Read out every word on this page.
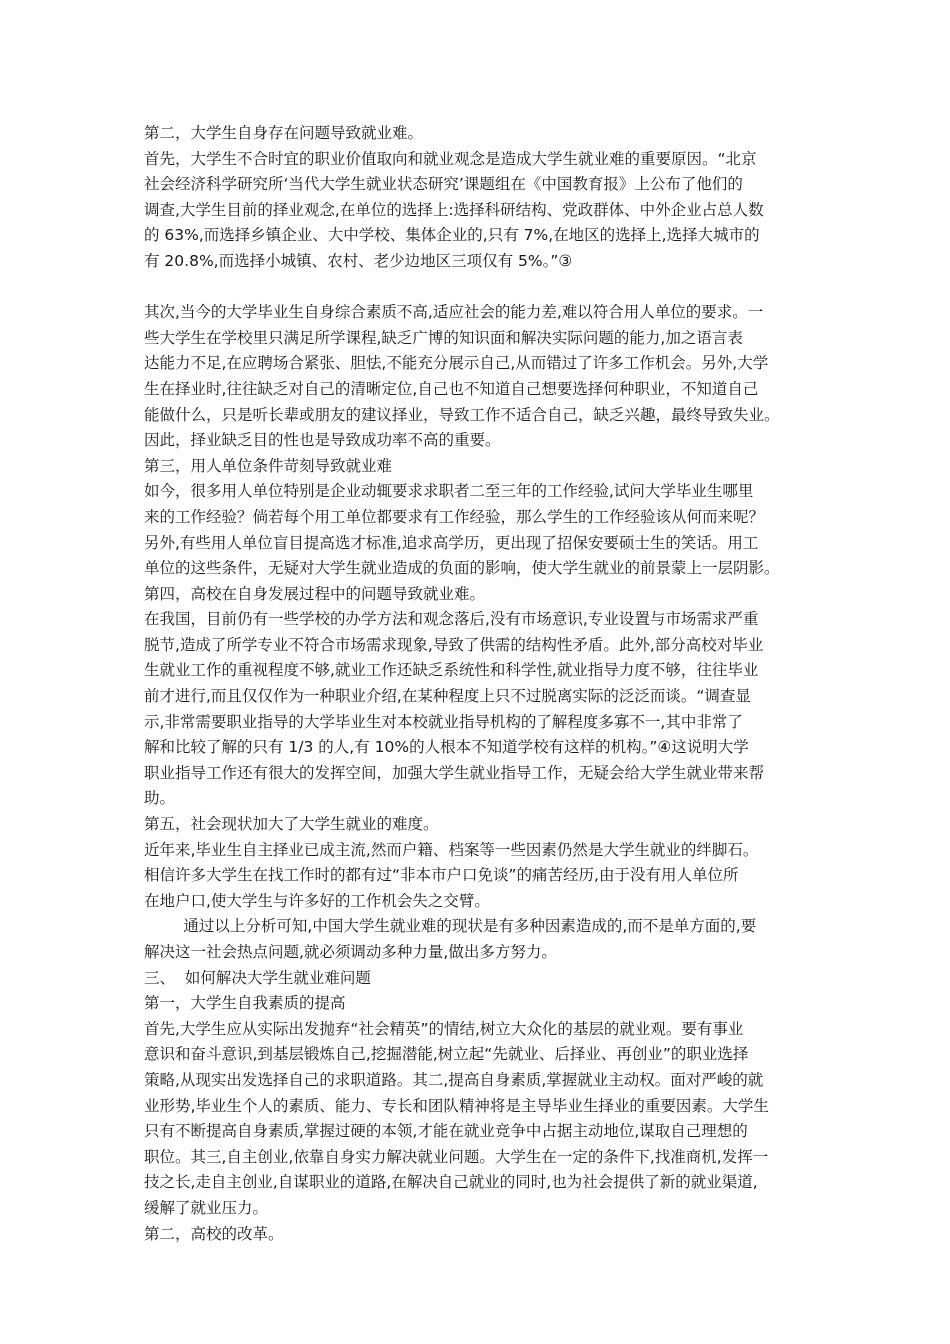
第二，大学生自身存在问题导致就业难。
首先，大学生不合时宜的职业价值取向和就业观念是造成大学生就业难的重要原因。“北京
社会经济科学研究所‘当代大学生就业状态研究’课题组在《中国教育报》上公布了他们的
调查,大学生目前的择业观念,在单位的选择上:选择科研结构、党政群体、中外企业占总人数
的 63%,而选择乡镇企业、大中学校、集体企业的,只有 7%,在地区的选择上,选择大城市的
有 20.8%,而选择小城镇、农村、老少边地区三项仅有 5%。”③
其次,当今的大学毕业生自身综合素质不高,适应社会的能力差,难以符合用人单位的要求。一
些大学生在学校里只满足所学课程,缺乏广博的知识面和解决实际问题的能力,加之语言表
达能力不足,在应聘场合紧张、胆怯,不能充分展示自己,从而错过了许多工作机会。另外,大学
生在择业时,往往缺乏对自己的清晰定位,自己也不知道自己想要选择何种职业，不知道自己
能做什么，只是听长辈或朋友的建议择业，导致工作不适合自己，缺乏兴趣，最终导致失业。
因此，择业缺乏目的性也是导致成功率不高的重要。
第三，用人单位条件苛刻导致就业难
如今，很多用人单位特别是企业动辄要求求职者二至三年的工作经验,试问大学毕业生哪里
来的工作经验？倘若每个用工单位都要求有工作经验，那么学生的工作经验该从何而来呢？
另外,有些用人单位盲目提高选才标准,追求高学历，更出现了招保安要硕士生的笑话。用工
单位的这些条件，无疑对大学生就业造成的负面的影响，使大学生就业的前景蒙上一层阴影。
第四，高校在自身发展过程中的问题导致就业难。
在我国，目前仍有一些学校的办学方法和观念落后,没有市场意识,专业设置与市场需求严重
脱节,造成了所学专业不符合市场需求现象,导致了供需的结构性矛盾。此外,部分高校对毕业
生就业工作的重视程度不够,就业工作还缺乏系统性和科学性,就业指导力度不够，往往毕业
前才进行,而且仅仅作为一种职业介绍,在某种程度上只不过脱离实际的泛泛而谈。“调查显
示,非常需要职业指导的大学毕业生对本校就业指导机构的了解程度多寡不一,其中非常了
解和比较了解的只有 1/3 的人,有 10%的人根本不知道学校有这样的机构。”④这说明大学
职业指导工作还有很大的发挥空间，加强大学生就业指导工作，无疑会给大学生就业带来帮
助。
第五，社会现状加大了大学生就业的难度。
近年来,毕业生自主择业已成主流,然而户籍、档案等一些因素仍然是大学生就业的绊脚石。
相信许多大学生在找工作时的都有过“非本市户口免谈”的痛苦经历,由于没有用人单位所
在地户口,使大学生与许多好的工作机会失之交臂。
通过以上分析可知,中国大学生就业难的现状是有多种因素造成的,而不是单方面的,要
解决这一社会热点问题,就必须调动多种力量,做出多方努力。
三、  如何解决大学生就业难问题
第一，大学生自我素质的提高
首先,大学生应从实际出发抛弃“社会精英”的情结,树立大众化的基层的就业观。要有事业
意识和奋斗意识,到基层锻炼自己,挖掘潜能,树立起“先就业、后择业、再创业”的职业选择
策略,从现实出发选择自己的求职道路。其二,提高自身素质,掌握就业主动权。面对严峻的就
业形势,毕业生个人的素质、能力、专长和团队精神将是主导毕业生择业的重要因素。大学生
只有不断提高自身素质,掌握过硬的本领,才能在就业竞争中占据主动地位,谋取自己理想的
职位。其三,自主创业,依靠自身实力解决就业问题。大学生在一定的条件下,找准商机,发挥一
技之长,走自主创业,自谋职业的道路,在解决自己就业的同时,也为社会提供了新的就业渠道,
缓解了就业压力。
第二，高校的改革。
